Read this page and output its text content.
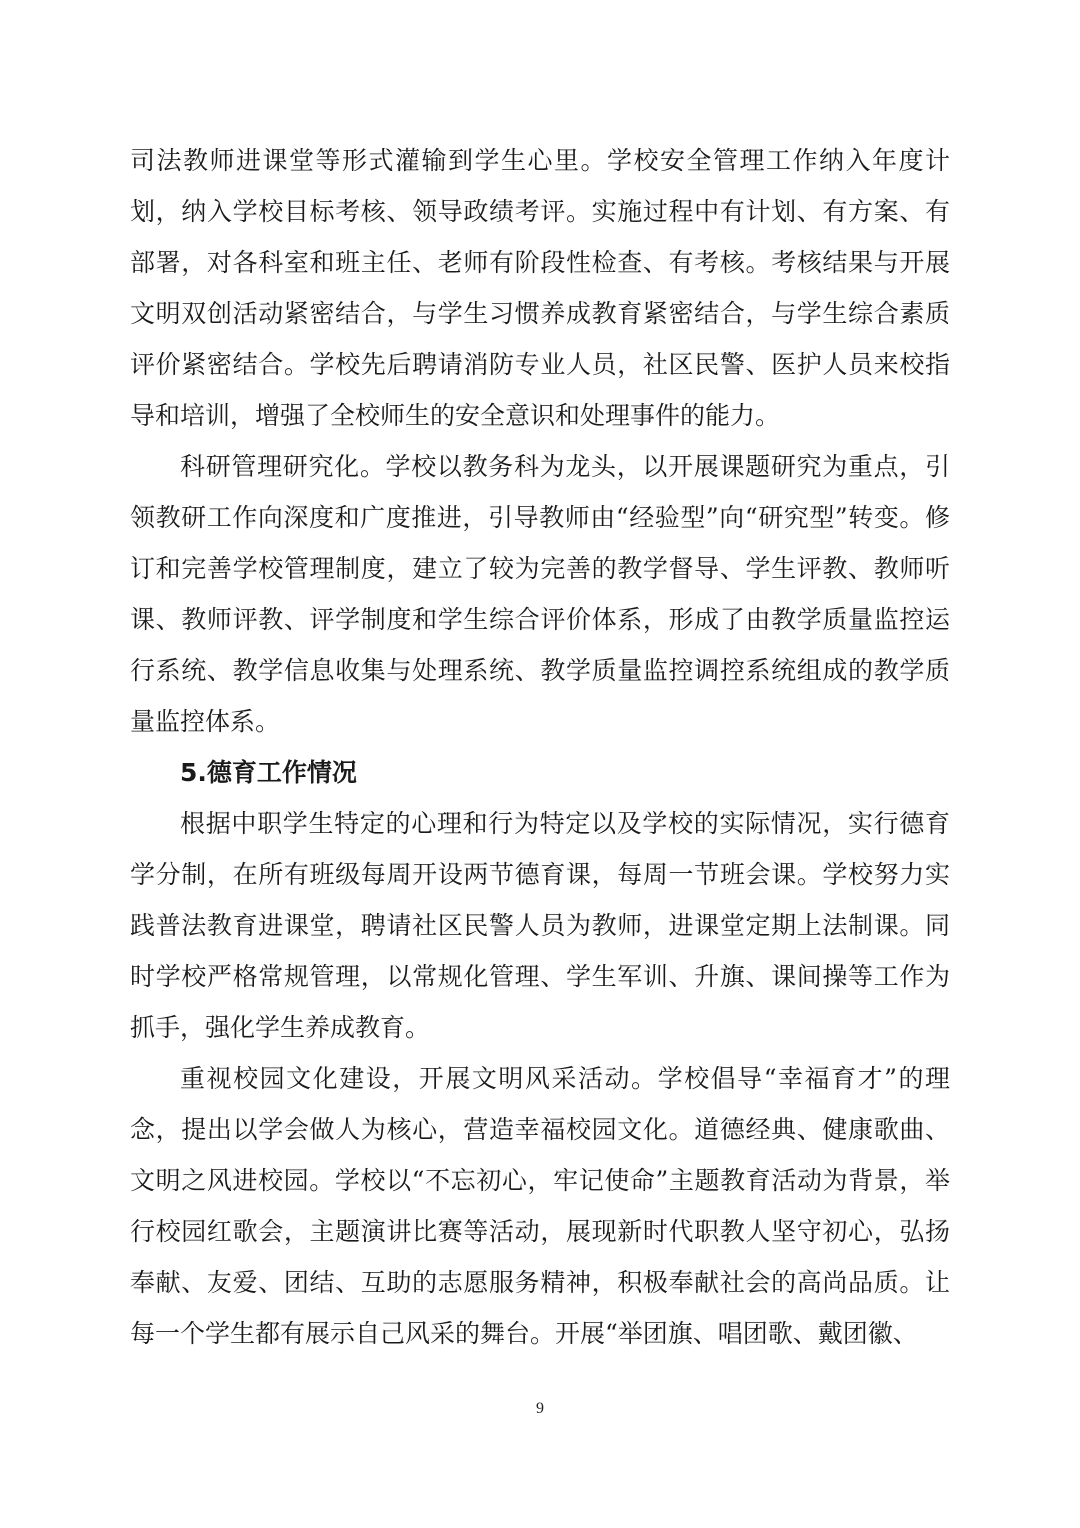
司法教师进课堂等形式灌输到学生心里。学校安全管理工作纳入年度计划，纳入学校目标考核、领导政绩考评。实施过程中有计划、有方案、有部署，对各科室和班主任、老师有阶段性检查、有考核。考核结果与开展文明双创活动紧密结合，与学生习惯养成教育紧密结合，与学生综合素质评价紧密结合。学校先后聘请消防专业人员，社区民警、医护人员来校指导和培训，增强了全校师生的安全意识和处理事件的能力。

科研管理研究化。学校以教务科为龙头，以开展课题研究为重点，引领教研工作向深度和广度推进，引导教师由“经验型”向“研究型”转变。修订和完善学校管理制度，建立了较为完善的教学督导、学生评教、教师听课、教师评教、评学制度和学生综合评价体系，形成了由教学质量监控运行系统、教学信息收集与处理系统、教学质量监控调控系统组成的教学质量监控体系。

5.德育工作情况

根据中职学生特定的心理和行为特定以及学校的实际情况，实行德育学分制，在所有班级每周开设两节德育课，每周一节班会课。学校努力实践普法教育进课堂，聘请社区民警人员为教师，进课堂定期上法制课。同时学校严格常规管理，以常规化管理、学生军训、升旗、课间操等工作为抓手，强化学生养成教育。

重视校园文化建设，开展文明风采活动。学校倡导“幸福育才”的理念，提出以学会做人为核心，营造幸福校园文化。道德经典、健康歌曲、文明之风进校园。学校以“不忘初心，牢记使命”主题教育活动为背景，举行校园红歌会，主题演讲比赛等活动，展现新时代职教人坚守初心，弘扬奉献、友爱、团结、互助的志愿服务精神，积极奉献社会的高尚品质。让每一个学生都有展示自己风采的舞台。开展“举团旗、唱团歌、戴团徽、

9
